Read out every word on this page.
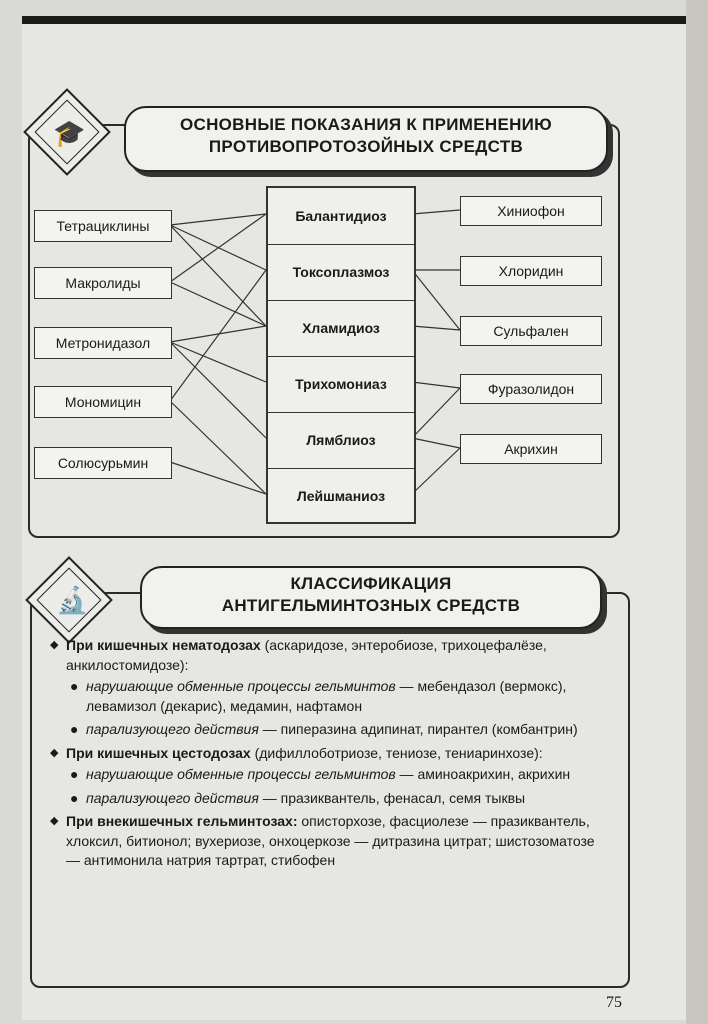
🎓	ОСНОВНЫЕ ПОКАЗАНИЯ К ПРИМЕНЕНИЮ
ПРОТИВОПРОТОЗОЙНЫХ СРЕДСТВ
Тетрациклины
Макролиды
Метронидазол
Мономицин
Солюсурьмин
Балантидиоз
Токсоплазмоз
Хламидиоз
Трихомониаз
Лямблиоз
Лейшманиоз
Хиниофон
Хлоридин
Сульфален
Фуразолидон
Акрихин
🔬
КЛАССИФИКАЦИЯ
АНТИГЕЛЬМИНТОЗНЫХ СРЕДСТВ

◆ При кишечных нематодозах (аскаридозе, энтеробиозе, трихоцефалёзе, анкилостомидозе):

● нарушающие обменные процессы гельминтов — мебендазол (вермокс), левамизол (декарис), медамин, нафтамон

● парализующего действия — пиперазина адипинат, пирантел (комбантрин)

◆ При кишечных цестодозах (дифиллоботриозе, тениозе, тениаринхозе):

● нарушающие обменные процессы гельминтов — аминоакрихин, акрихин

● парализующего действия — празиквантель, фенасал, семя тыквы

◆ При внекишечных гельминтозах: описторхозе, фасциолезе — празиквантель, хлоксил, битионол; вухериозе, онхоцеркозе — дитразина цитрат; шистозоматозе — антимонила натрия тартрат, стибофен

75
